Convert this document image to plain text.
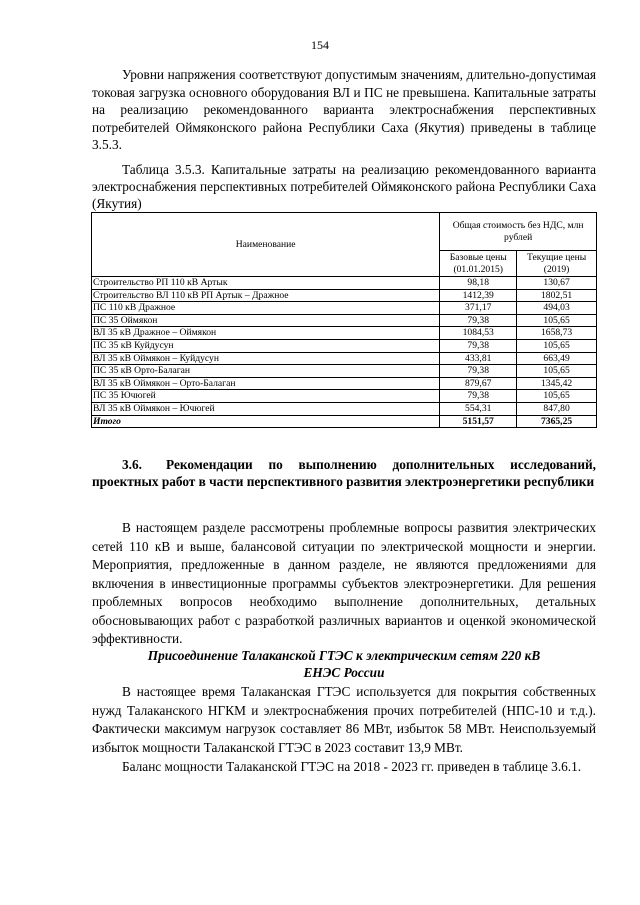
154

Уровни напряжения соответствуют допустимым значениям, длительно-допустимая токовая загрузка основного оборудования ВЛ и ПС не превышена. Капитальные затраты на реализацию рекомендованного варианта электроснабжения перспективных потребителей Оймяконского района Республики Саха (Якутия) приведены в таблице 3.5.3.

Таблица 3.5.3. Капитальные затраты на реализацию рекомендованного варианта электроснабжения перспективных потребителей Оймяконского района Республики Саха (Якутия)

Наименование	Общая стоимость без НДС, млн рублей	
	Базовые цены (01.01.2015)	Текущие цены (2019)
Строительство РП 110 кВ Артык	98,18	130,67
Строительство ВЛ 110 кВ РП Артык – Дражное	1412,39	1802,51
ПС 110 кВ Дражное	371,17	494,03
ПС 35 Оймякон	79,38	105,65
ВЛ 35 кВ Дражное – Оймякон	1084,53	1658,73
ПС 35 кВ Куйдусун	79,38	105,65
ВЛ 35 кВ Оймякон – Куйдусун	433,81	663,49
ПС 35 кВ Орто-Балаган	79,38	105,65
ВЛ 35 кВ Оймякон – Орто-Балаган	879,67	1345,42
ПС 35 Ючюгей	79,38	105,65
ВЛ 35 кВ Оймякон – Ючюгей	554,31	847,80
Итого	5151,57	7365,25
3.6. Рекомендации по выполнению дополнительных исследований, проектных работ в части перспективного развития электроэнергетики республики

В настоящем разделе рассмотрены проблемные вопросы развития электрических сетей 110 кВ и выше, балансовой ситуации по электрической мощности и энергии. Мероприятия, предложенные в данном разделе, не являются предложениями для включения в инвестиционные программы субъектов электроэнергетики. Для решения проблемных вопросов необходимо выполнение дополнительных, детальных обосновывающих работ с разработкой различных вариантов и оценкой экономической эффективности.

Присоединение Талаканской ГТЭС к электрическим сетям 220 кВ
ЕНЭС России

В настоящее время Талаканская ГТЭС используется для покрытия собственных нужд Талаканского НГКМ и электроснабжения прочих потребителей (НПС-10 и т.д.). Фактически максимум нагрузок составляет 86 МВт, избыток 58 МВт. Неиспользуемый избыток мощности Талаканской ГТЭС в 2023 составит 13,9 МВт.

Баланс мощности Талаканской ГТЭС на 2018 - 2023 гг. приведен в таблице 3.6.1.
